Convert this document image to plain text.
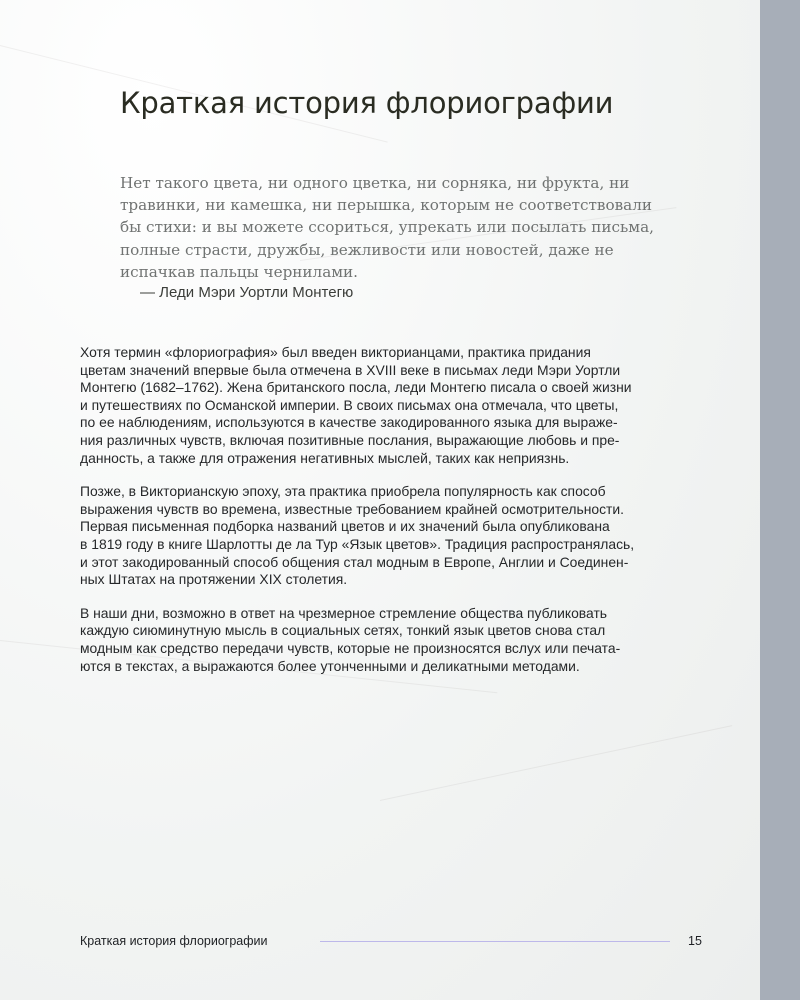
Краткая история флориографии
Нет такого цвета, ни одного цветка, ни сорняка, ни фрукта, ни
травинки, ни камешка, ни перышка, которым не соответствовали
бы стихи: и вы можете ссориться, упрекать или посылать письма,
полные страсти, дружбы, вежливости или новостей, даже не
испачкав пальцы чернилами.

— Леди Мэри Уортли Монтегю

Хотя термин «флориография» был введен викторианцами, практика придания
цветам значений впервые была отмечена в XVIII веке в письмах леди Мэри Уортли
Монтегю (1682–1762). Жена британского посла, леди Монтегю писала о своей жизни
и путешествиях по Османской империи. В своих письмах она отмечала, что цветы,
по ее наблюдениям, используются в качестве закодированного языка для выраже-
ния различных чувств, включая позитивные послания, выражающие любовь и пре-
данность, а также для отражения негативных мыслей, таких как неприязнь.

Позже, в Викторианскую эпоху, эта практика приобрела популярность как способ
выражения чувств во времена, известные требованием крайней осмотрительности.
Первая письменная подборка названий цветов и их значений была опубликована
в 1819 году в книге Шарлотты де ла Тур «Язык цветов». Традиция распространялась,
и этот закодированный способ общения стал модным в Европе, Англии и Соединен-
ных Штатах на протяжении XIX столетия.

В наши дни, возможно в ответ на чрезмерное стремление общества публиковать
каждую сиюминутную мысль в социальных сетях, тонкий язык цветов снова стал
модным как средство передачи чувств, которые не произносятся вслух или печата-
ются в текстах, а выражаются более утонченными и деликатными методами.

Краткая история флориографии	15
